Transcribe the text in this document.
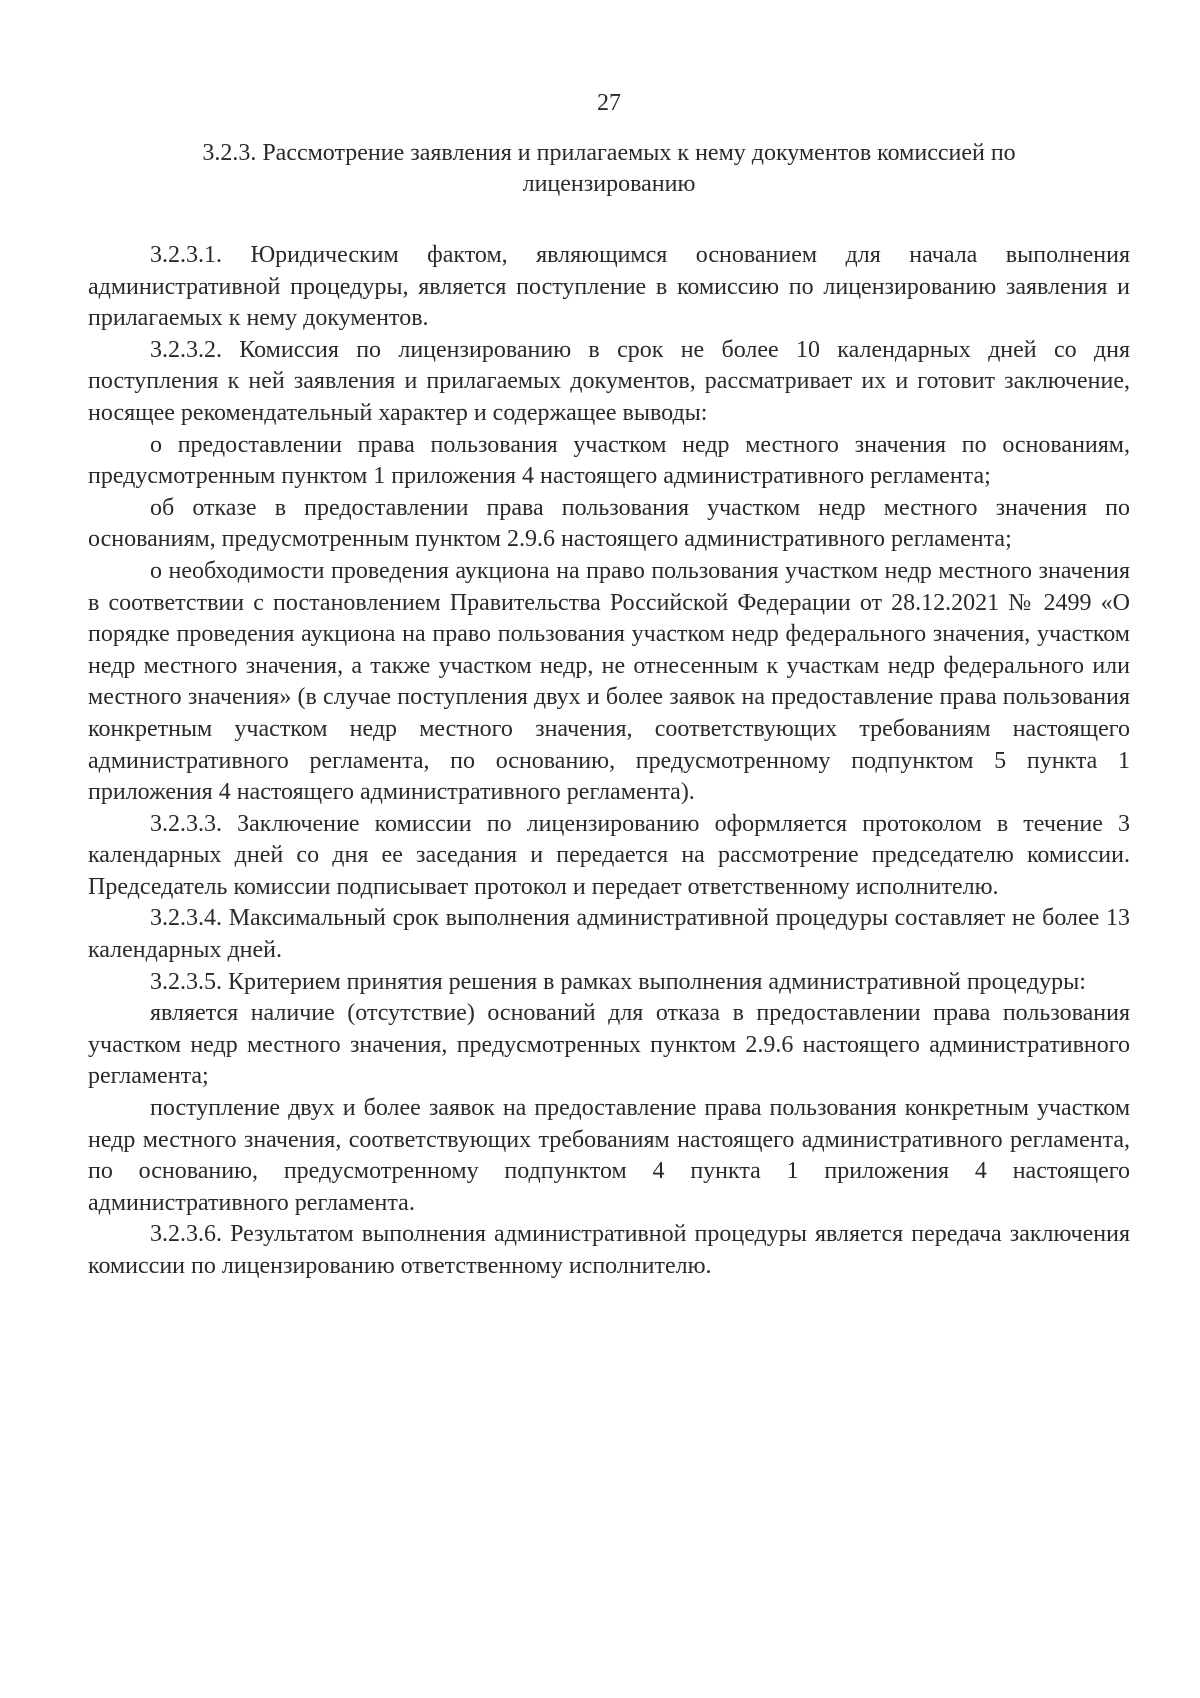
27
3.2.3. Рассмотрение заявления и прилагаемых к нему документов комиссией по лицензированию

3.2.3.1. Юридическим фактом, являющимся основанием для начала выполнения административной процедуры, является поступление в комиссию по лицензированию заявления и прилагаемых к нему документов.

3.2.3.2. Комиссия по лицензированию в срок не более 10 календарных дней со дня поступления к ней заявления и прилагаемых документов, рассматривает их и готовит заключение, носящее рекомендательный характер и содержащее выводы:

о предоставлении права пользования участком недр местного значения по основаниям, предусмотренным пунктом 1 приложения 4 настоящего административного регламента;

об отказе в предоставлении права пользования участком недр местного значения по основаниям, предусмотренным пунктом 2.9.6 настоящего административного регламента;

о необходимости проведения аукциона на право пользования участком недр местного значения в соответствии с постановлением Правительства Российской Федерации от 28.12.2021 № 2499 «О порядке проведения аукциона на право пользования участком недр федерального значения, участком недр местного значения, а также участком недр, не отнесенным к участкам недр федерального или местного значения» (в случае поступления двух и более заявок на предоставление права пользования конкретным участком недр местного значения, соответствующих требованиям настоящего административного регламента, по основанию, предусмотренному подпунктом 5 пункта 1 приложения 4 настоящего административного регламента).

3.2.3.3. Заключение комиссии по лицензированию оформляется протоколом в течение 3 календарных дней со дня ее заседания и передается на рассмотрение председателю комиссии. Председатель комиссии подписывает протокол и передает ответственному исполнителю.

3.2.3.4. Максимальный срок выполнения административной процедуры составляет не более 13 календарных дней.

3.2.3.5. Критерием принятия решения в рамках выполнения административной процедуры:

является наличие (отсутствие) оснований для отказа в предоставлении права пользования участком недр местного значения, предусмотренных пунктом 2.9.6 настоящего административного регламента;

поступление двух и более заявок на предоставление права пользования конкретным участком недр местного значения, соответствующих требованиям настоящего административного регламента, по основанию, предусмотренному подпунктом 4 пункта 1 приложения 4 настоящего административного регламента.

3.2.3.6. Результатом выполнения административной процедуры является передача заключения комиссии по лицензированию ответственному исполнителю.
